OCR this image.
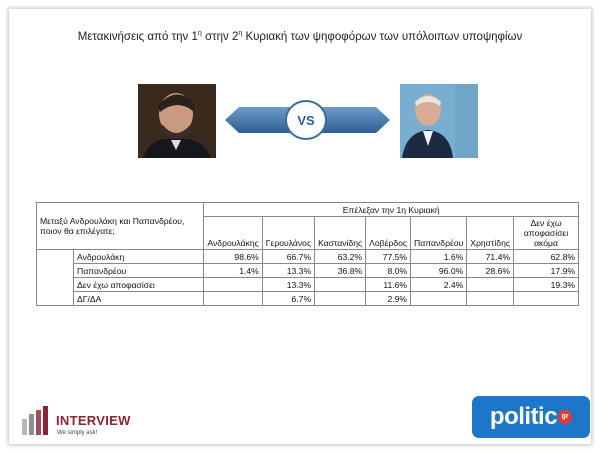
Μετακινήσεις από την $1^\eta$ στην $2^\eta$ Κυριακή των ψηφοφόρων των υπόλοιπων υποψηφίων
VS
Μεταξύ Ανδρουλάκη και Παπανδρέου, ποιον θα επιλέγατε;		Επέλεξαν την 1η Κυριακή						
		Ανδρουλάκης	Γερουλάνος	Καστανίδης	Λοβέρδος	Παπανδρέου	Χρηστίδης	Δεν έχω αποφασίσει ακόμα
	Ανδρουλάκη	98.6%	66.7%	63.2%	77.5%	1.6%	71.4%	62.8%
	Παπανδρέου	1.4%	13.3%	36.8%	8.0%	96.0%	28.6%	17.9%
	Δεν έχω αποφασίσει		13.3%		11.6%	2.4%		19.3%
	ΔΓ/ΔΑ		6.7%		2.9%			
INTERVIEW
We simply ask!
politic gr
